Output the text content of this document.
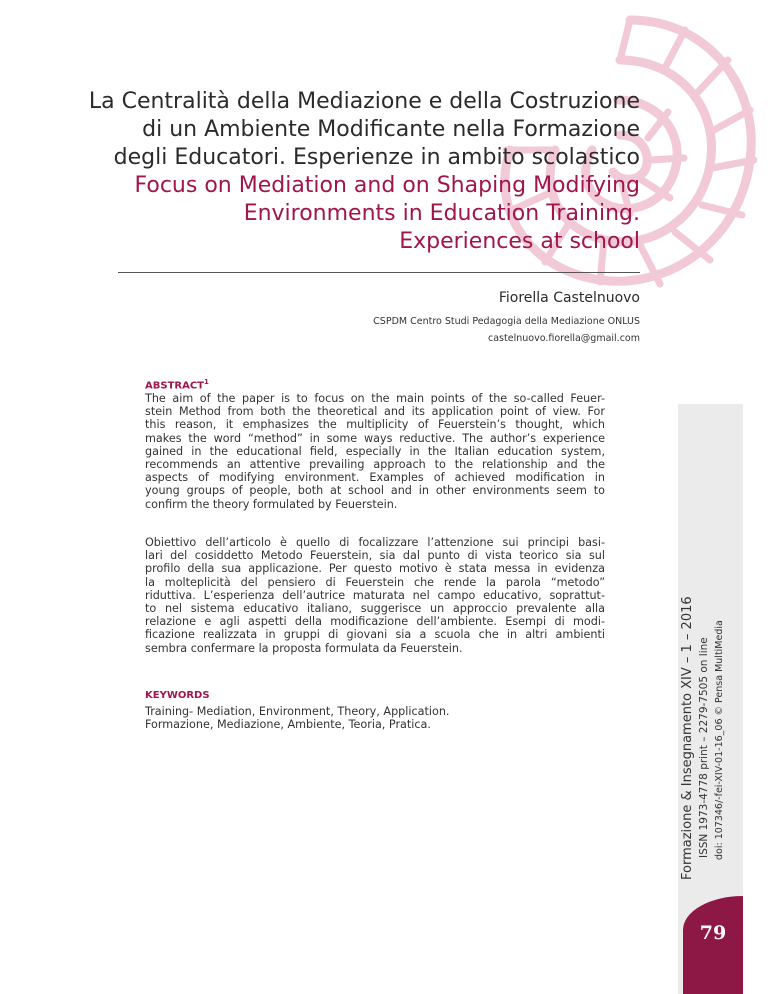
La Centralità della Mediazione e della Costruzione
di un Ambiente Modificante nella Formazione
degli Educatori. Esperienze in ambito scolastico
Focus on Mediation and on Shaping Modifying
Environments in Education Training.
Experiences at school
Fiorella Castelnuovo
CSPDM Centro Studi Pedagogia della Mediazione ONLUS
castelnuovo.fiorella@gmail.com
ABSTRACT$^1$
The aim of the paper is to focus on the main points of the so-called Feuer-
stein Method from both the theoretical and its application point of view. For
this reason, it emphasizes the multiplicity of Feuerstein’s thought, which
makes the word “method” in some ways reductive. The author’s experience
gained in the educational field, especially in the Italian education system,
recommends an attentive prevailing approach to the relationship and the
aspects of modifying environment. Examples of achieved modification in
young groups of people, both at school and in other environments seem to
confirm the theory formulated by Feuerstein.
Obiettivo dell’articolo è quello di focalizzare l’attenzione sui principi basi-
lari del cosiddetto Metodo Feuerstein, sia dal punto di vista teorico sia sul
profilo della sua applicazione. Per questo motivo è stata messa in evidenza
la molteplicità del pensiero di Feuerstein che rende la parola “metodo”
riduttiva. L’esperienza dell’autrice maturata nel campo educativo, soprattut-
to nel sistema educativo italiano, suggerisce un approccio prevalente alla
relazione e agli aspetti della modificazione dell’ambiente. Esempi di modi-
ficazione realizzata in gruppi di giovani sia a scuola che in altri ambienti
sembra confermare la proposta formulata da Feuerstein.
KEYWORDS
Training- Mediation, Environment, Theory, Application.
Formazione, Mediazione, Ambiente, Teoria, Pratica.	Formazione & Insegnamento XIV – 1 – 2016 ISSN 1973-4778 print – 2279-7505 on line doi: 107346/-fei-XIV-01-16_06 © Pensa MultiMedia
79
